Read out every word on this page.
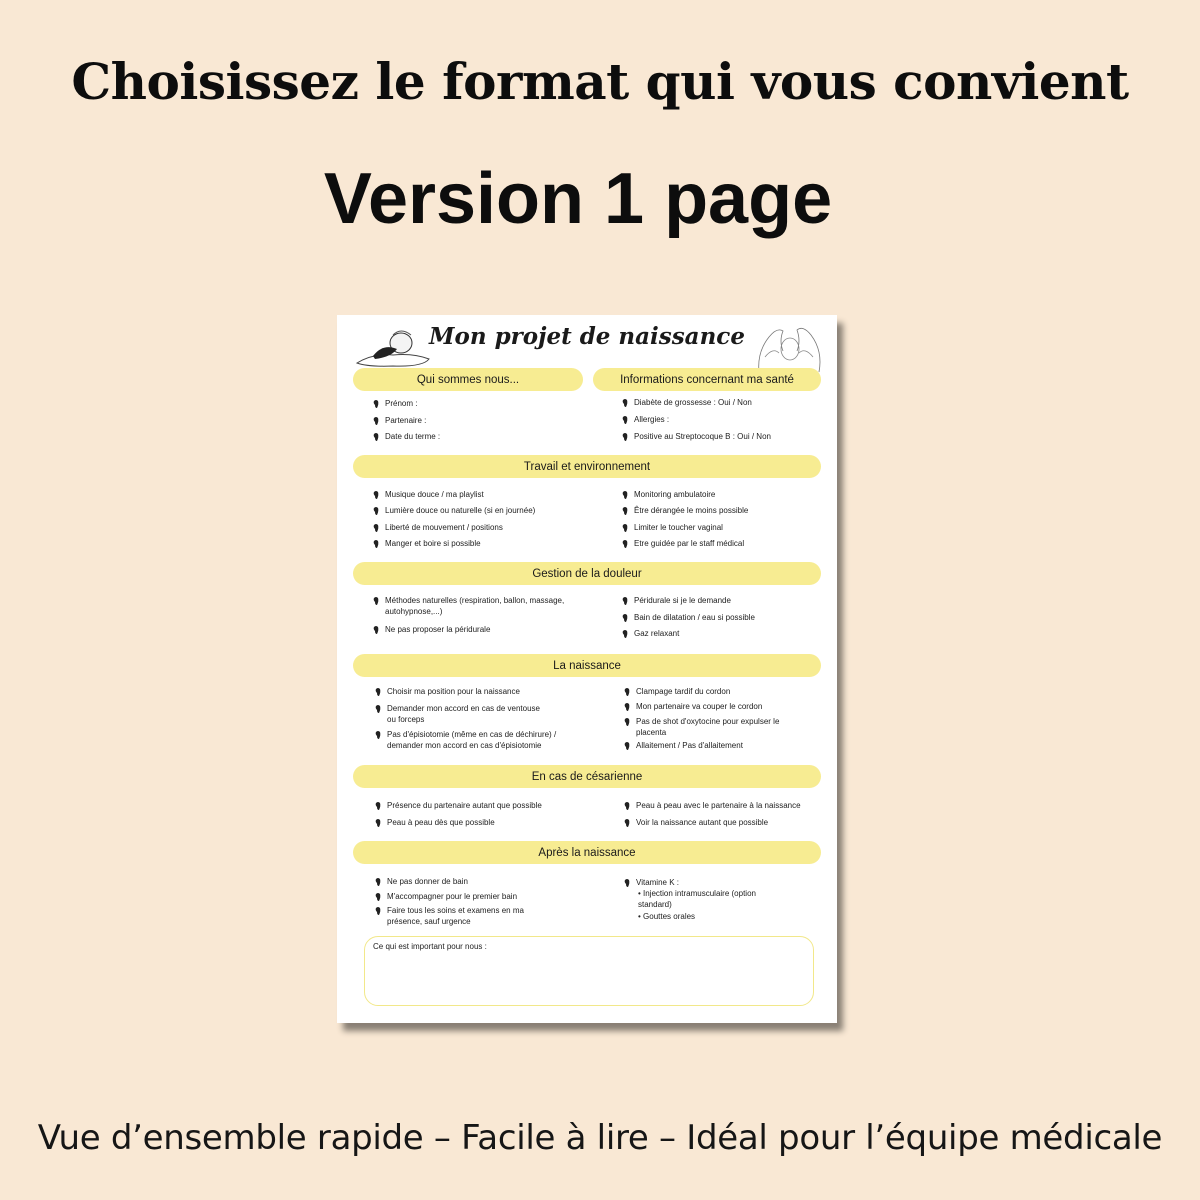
Choisissez le format qui vous convient
Version 1 page
Mon projet de naissance
Qui sommes nous...	Informations concernant ma santé
Prénom :
Partenaire :
Date du terme :
Diabète de grossesse : Oui / Non
Allergies :
Positive au Streptocoque B : Oui / Non
Travail et environnement
Musique douce / ma playlist
Lumière douce ou naturelle (si en journée)
Liberté de mouvement / positions
Manger et boire si possible
Monitoring ambulatoire
Être dérangée le moins possible
Limiter le toucher vaginal
Etre guidée par le staff médical
Gestion de la douleur
Méthodes naturelles (respiration, ballon, massage,
autohypnose,...)
Ne pas proposer la péridurale
Péridurale si je le demande
Bain de dilatation / eau si possible
Gaz relaxant
La naissance
Choisir ma position pour la naissance
Demander mon accord en cas de ventouse
ou forceps
Pas d'épisiotomie (même en cas de déchirure) /
demander mon accord en cas d'épisiotomie
Clampage tardif du cordon
Mon partenaire va couper le cordon
Pas de shot d'oxytocine pour expulser le
placenta
Allaitement / Pas d'allaitement
En cas de césarienne
Présence du partenaire autant que possible
Peau à peau dès que possible
Peau à peau avec le partenaire à la naissance
Voir la naissance autant que possible
Après la naissance
Ne pas donner de bain
M'accompagner pour le premier bain
Faire tous les soins et examens en ma
présence, sauf urgence
Vitamine K :
• Injection intramusculaire (option
standard)
• Gouttes orales
Ce qui est important pour nous :
Vue d’ensemble rapide – Facile à lire – Idéal pour l’équipe médicale
